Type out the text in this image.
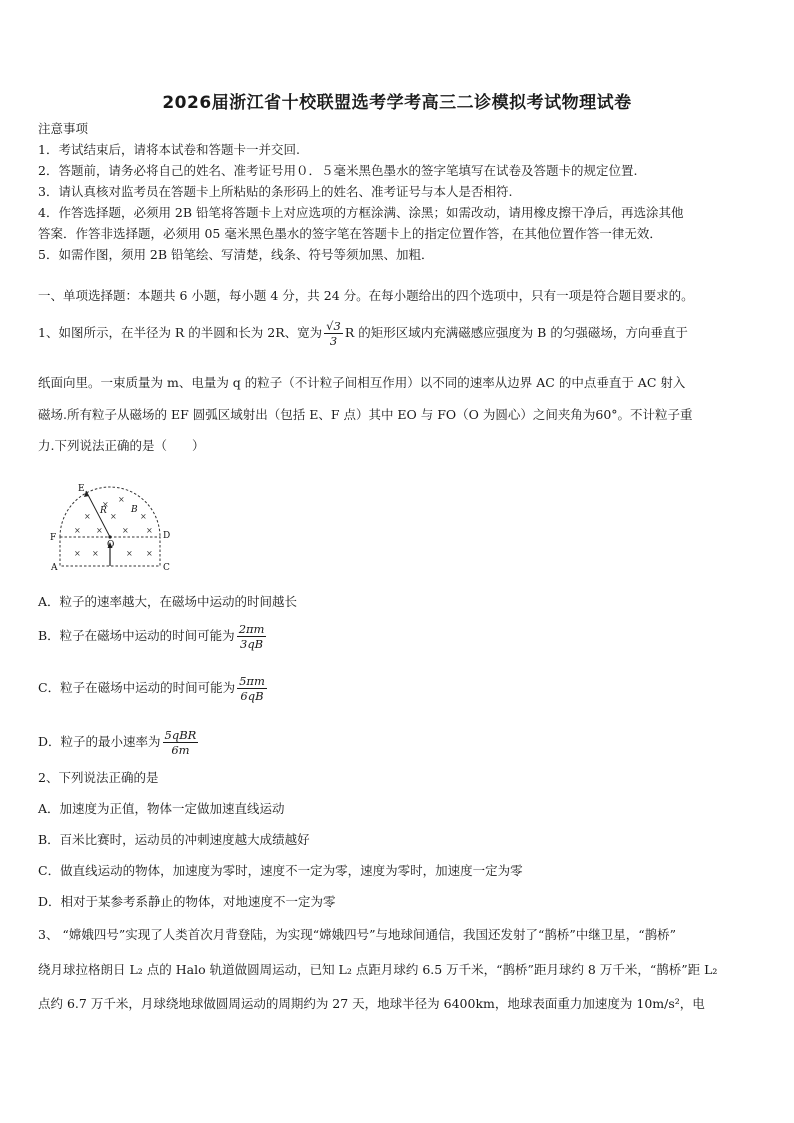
2026届浙江省十校联盟选考学考高三二诊模拟考试物理试卷
注意事项
1．考试结束后，请将本试卷和答题卡一并交回.
2．答题前，请务必将自己的姓名、准考证号用０．５毫米黑色墨水的签字笔填写在试卷及答题卡的规定位置.
3．请认真核对监考员在答题卡上所粘贴的条形码上的姓名、准考证号与本人是否相符.
4．作答选择题，必须用 2B 铅笔将答题卡上对应选项的方框涂满、涂黑；如需改动，请用橡皮擦干净后，再选涂其他
答案．作答非选择题，必须用 05 毫米黑色墨水的签字笔在答题卡上的指定位置作答，在其他位置作答一律无效．
5．如需作图，须用 2B 铅笔绘、写清楚，线条、符号等须加黑、加粗．
一、单项选择题：本题共 6 小题，每小题 4 分，共 24 分。在每小题给出的四个选项中，只有一项是符合题目要求的。
1、如图所示，在半径为 R 的半圆和长为 2R、宽为 $\frac{√3}{3}$ R 的矩形区域内充满磁感应强度为 B 的匀强磁场，方向垂直于
纸面向里。一束质量为 m、电量为 q 的粒子（不计粒子间相互作用）以不同的速率从边界 AC 的中点垂直于 AC 射入
磁场.所有粒子从磁场的 EF 圆弧区域射出（包括 E、F 点）其中 EO 与 FO（O 为圆心）之间夹角为60°。不计粒子重
力.下列说法正确的是（　　）
×
×
× ×	×
× × × ×
× ×	× ×
E
R	B
F
O
D
A	C
A．粒子的速率越大，在磁场中运动的时间越长
B．粒子在磁场中运动的时间可能为 $\frac{2\pi m}{3qB}$
C．粒子在磁场中运动的时间可能为 $\frac{5\pi m}{6qB}$
D．粒子的最小速率为 $\frac{\text{5qBR}}{6m}$
2、下列说法正确的是
A．加速度为正值，物体一定做加速直线运动
B．百米比赛时，运动员的冲刺速度越大成绩越好
C．做直线运动的物体，加速度为零时，速度不一定为零，速度为零时，加速度一定为零
D．相对于某参考系静止的物体，对地速度不一定为零
3、 “嫦娥四号”实现了人类首次月背登陆，为实现“嫦娥四号”与地球间通信，我国还发射了“鹊桥”中继卫星，“鹊桥”
绕月球拉格朗日 L₂ 点的 Halo 轨道做圆周运动，已知 L₂ 点距月球约 6.5 万千米，“鹊桥”距月球约 8 万千米，“鹊桥”距 L₂
点约 6.7 万千米，月球绕地球做圆周运动的周期约为 27 天，地球半径为 6400km，地球表面重力加速度为 10m/s²，电
